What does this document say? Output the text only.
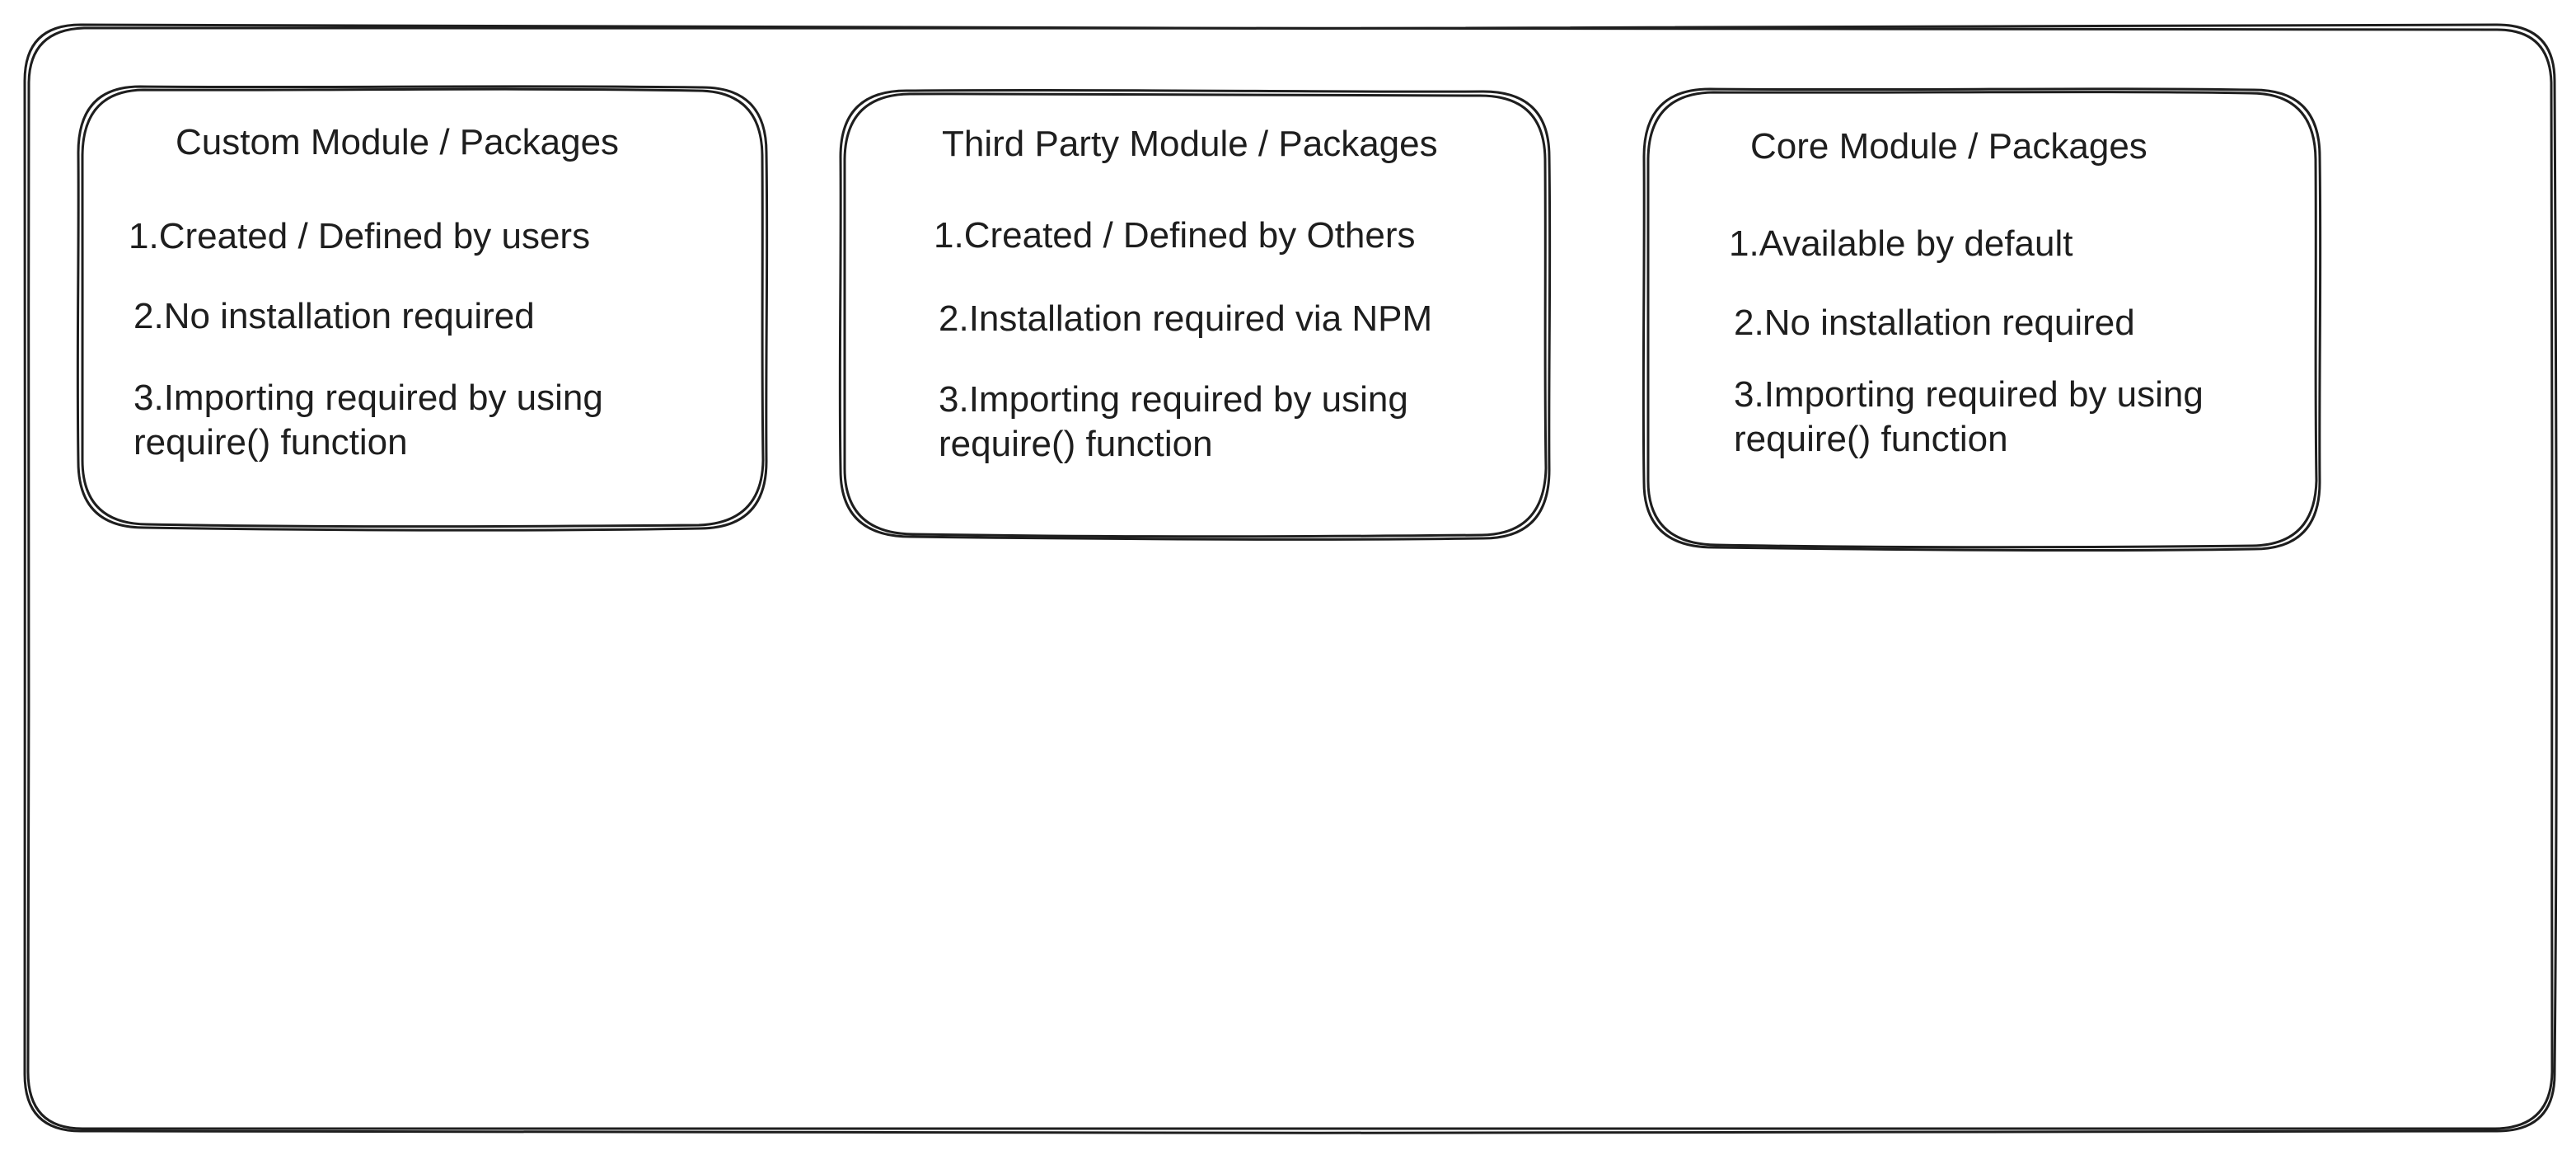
Custom Module / Packages
1.Created / Defined by users
2.No installation required
3.Importing required by using
require() function
Third Party Module / Packages
1.Created / Defined by Others
2.Installation required via NPM
3.Importing required by using
require() function
Core Module / Packages
1.Available by default
2.No installation required
3.Importing required by using
require() function
